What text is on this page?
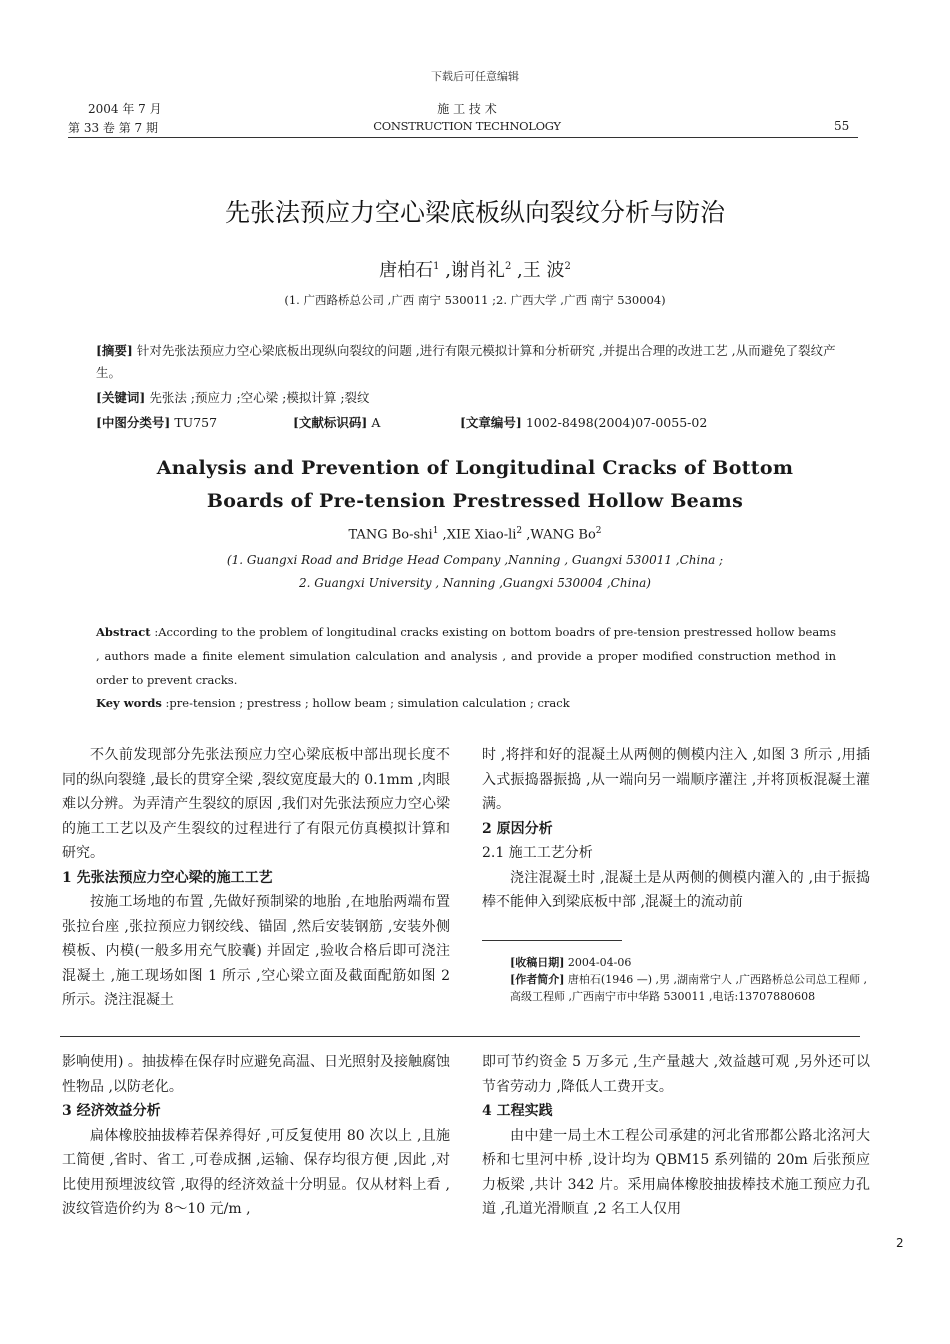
下载后可任意编辑
2004 年 7 月
第 33 卷 第 7 期
施 工 技 术
CONSTRUCTION TECHNOLOGY	55
先张法预应力空心梁底板纵向裂纹分析与防治
唐柏石$^1$ ,谢肖礼$^2$ ,王 波$^2$
(1. 广西路桥总公司 ,广西 南宁 530011 ;2. 广西大学 ,广西 南宁 530004)
[摘要] 针对先张法预应力空心梁底板出现纵向裂纹的问题 ,进行有限元模拟计算和分析研究 ,并提出合理的改进工艺 ,从而避免了裂纹产生。
[关键词] 先张法 ;预应力 ;空心梁 ;模拟计算 ;裂纹
[中图分类号] TU757	[文献标识码] A	[文章编号] 1002-8498(2004)07-0055-02
Analysis and Prevention of Longitudinal Cracks of Bottom
Boards of Pre-tension Prestressed Hollow Beams
TANG Bo-shi$^1$ ,XIE Xiao-$li^2$ ,WANG Bo$^2$
(1. Guangxi Road and Bridge Head Company ,Nanning , Guangxi 530011 ,China ;
2. Guangxi University , Nanning ,Guangxi 530004 ,China)
Abstract :According to the problem of longitudinal cracks existing on bottom boadrs of pre-tension prestressed hollow beams , authors made a finite element simulation calculation and analysis , and provide a proper modified construction method in order to prevent cracks.
Key words :pre-tension ; prestress ; hollow beam ; simulation calculation ; crack

不久前发现部分先张法预应力空心梁底板中部出现长度不同的纵向裂缝 ,最长的贯穿全梁 ,裂纹宽度最大的 0.1mm ,肉眼难以分辨。为弄清产生裂纹的原因 ,我们对先张法预应力空心梁的施工工艺以及产生裂纹的过程进行了有限元仿真模拟计算和研究。

1 先张法预应力空心梁的施工工艺

按施工场地的布置 ,先做好预制梁的地胎 ,在地胎两端布置张拉台座 ,张拉预应力钢绞线、锚固 ,然后安装钢筋 ,安装外侧模板、内模(一般多用充气胶囊) 并固定 ,验收合格后即可浇注混凝土 ,施工现场如图 1 所示 ,空心梁立面及截面配筋如图 2 所示。浇注混凝土

时 ,将拌和好的混凝土从两侧的侧模内注入 ,如图 3 所示 ,用插入式振捣器振捣 ,从一端向另一端顺序灌注 ,并将顶板混凝土灌满。

2 原因分析
2.1 施工工艺分析

浇注混凝土时 ,混凝土是从两侧的侧模内灌入的 ,由于振捣棒不能伸入到梁底板中部 ,混凝土的流动前

[收稿日期] 2004-04-06
[作者简介] 唐柏石(1946 —) ,男 ,湖南常宁人 ,广西路桥总公司总工程师 ,高级工程师 ,广西南宁市中华路 530011 ,电话:13707880608

影响使用) 。抽拔棒在保存时应避免高温、日光照射及接触腐蚀性物品 ,以防老化。

3 经济效益分析

扁体橡胶抽拔棒若保养得好 ,可反复使用 80 次以上 ,且施工简便 ,省时、省工 ,可卷成捆 ,运输、保存均很方便 ,因此 ,对比使用预埋波纹管 ,取得的经济效益十分明显。仅从材料上看 ,波纹管造价约为 8～10 元/m ,

即可节约资金 5 万多元 ,生产量越大 ,效益越可观 ,另外还可以节省劳动力 ,降低人工费开支。

4 工程实践

由中建一局土木工程公司承建的河北省邢都公路北洺河大桥和七里河中桥 ,设计均为 QBM15 系列锚的 20m 后张预应力板梁 ,共计 342 片。采用扁体橡胶抽拔棒技术施工预应力孔道 ,孔道光滑顺直 ,2 名工人仅用

2
